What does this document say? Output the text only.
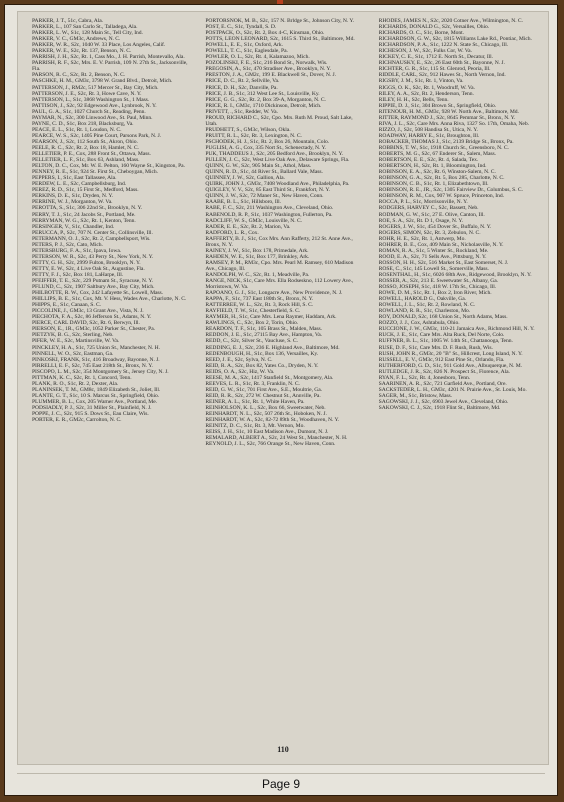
PARKER, J. T., 51c, Cabra, Ala.

PARKER, L., 107 San Carlo St., Talladega, Ala.

PARKER, L. W., S1c, 128 Main St., Tell City, Ind.

PARKER, V. C., GM3c, Andrews, N. C.

PARKER, W. R., S2c, 1040 W. 33 Place, Los Angeles, Calif.

PARKER, W. E., S2c, Rt. 137, Benson, N. C.

PARRISH, J. H., S2c, Rt. 1, Cass Mo., J. H. Parrish, Montevallo, Ala.

PARRISH, R. F., S2c, Mrs. E. V. Parrish, 109 N. 27th St., Jacksonville, Fla.

PARSON, R. C., S2c, Rt. 2, Benson, N. C.

PASCHKE, H. M., GM3c, 3798 W. Grand Blvd., Detroit, Mich.

PATTERSON, J., RM2c, 517 Mercer St., Bay City, Mich.

PATTERSON, J. E., S2c, Rt. 3, Howe Cave, N. Y.

PATTERSON, L., S1c, 3868 Washington St., 1 Mass.

PATTISON, J., S2c, 92 Edgewood Ave., Lynbrook, N. Y.

PAUL, G. A., S1c, 1027 Church St., Reading, Penn.

PAYMAR, N., S2c, 300 Linwood Ave., St. Paul, Minn.

PAYNE, C. D., S1c, Box 218, Blacksburg, Va.

PEACE, E. L., S1c, Rt. 1, Loudon, N. C.

PEARCE, W. S., S2c, 1405 Pine Court, Parsons Park, N. J.

PEARSON, J., S2c, 112 South St., Akron, Ohio.

PEELE, R. C., S2c, Rt. 2, Box 18, Hamlet, N. C.

PELLETIER, P. E., Cox, 288 Front St., Ottawa, Mass.

PELLETIER, L. F., S1c, Box 63, Ashland, Mass.

PELTON, D. C., Cox, Mr. W. E. Pelton, 160 Wayne St., Kingston, Pa.

PENNEY, R. E., S1c, 924 St. First St., Cheboygan, Mich.

PEPPERS, I., S1c, East Tallassee, Ala.

PERDEW, L. E., S2c, Campbellsburg, Ind.

PEREZ, R. D., S1c, 15 First St., Medford, Mass.

PERKINS, D. E., S1c, Dryden, N. Y.

PERRINE, W. J., Morganton, W. Va.

PEROTTA, S., S1c, 306 22nd St., Brooklyn, N. Y.

PERRY, T. J., S1c, 24 Jacobs St., Portland, Me.

PERRYMAN, W. G., S2c, Rt. 1, Kenton, Tenn.

PERSINGER, V., S1c, Chandler, Ind.

PERUCCA, P., S2c, 707 N. Center St., Collinsville, Ill.

PETERMANN, O. J., S2c, Rt. 2, Campbellsport, Wis.

PETERS, P. J., S2c, Cato, Mich.

PETERSBURG, F. A., S1c, Ipava, Iowa.

PETERSON, W. R., S2c, 43 Perry St., New York, N. Y.

PETTY, G. H., S2c, 2999 Fulton, Brooklyn, N. Y.

PETTY, E. W., S2c, 4 Live Oak St., Augustine, Fla.

PETTY, F. J., S2c, Box 181, LaHarpe, Ill.

PFEIFFER, T. E., S2c, 229 Putnam St., Syracuse, N. Y.

PFLUND, C., S2c, 1907 Saltbury Ave., Bay City, Mich.

PHILBOTTE, R. W., Cox, 242 Lafayette St., Lowell, Mass.

PHILLIPS, B. E., S1c, Cox, Mt. V. Hess, Wades Ave., Charlotte, N. C.

PHIPPS, E., S1c, Canaan, S. C.

PICCOLINE, J., GM3c, 13 Grant Ave., Vista, N. J.

PIECHOTA, F. A., S2c, 86 Jefferson St., Adams, N. Y.

PIERCE, CARL DAVID, S2c, Rt. 6, Berwyn, Ill.

PIERSON, E., 1R., GM3c, 1052 Parker St., Chester, Pa.

PIETZYK, B. G., S2c, Sterling, Neb.

PIFER, W. E., S2c, Martinsville, W. Va.

PINCKLEY, H. A., S1c, 725 Union St., Manchester, N. H.

PINNELL, W. O., S2c, Eastman, Ga.

PINKOSKI, FRANK, S1c, 416 Broadway, Bayonne, N. J.

PIRRELLI, E. F., S2c, 745 East 218th St., Bronx, N. Y.

PISCOPO, L. M., S2c, 354 Montgomery St., Jersey City, N. J.

PITTMAN, K. C., S2c, Rt. 1, Concord, Tenn.

PLANK, R. O., S1c, Rt. 2, Dexter, Ala.

PLANINSEK, T. M., GM8c, 1849 Elizabeth St., Joliet, Ill.

PLANTE, G. T., S1c, 10 S. Marcus St., Springfield, Ohio.

PLUMMER, B. L., Cox, 205 Warner Ave., Portland, Me.

PODSIADLY, P. J., S2c, 31 Miller St., Plainfield, N. J.

POPPE, J. C., S2c, 915 S. Dows St., Eau Claire, Wis.

PORTER, E. R., GM2c, Carrolton, N. C.

PORTORSNOK, M. B., S2c, 157 N. Brldge St., Johnson City, N. Y.

POST, E. C., S1c, Tyndall, S. D.

POSTPACK, O., S2c, Rt. 2, Box 4-C, Kinsman, Ohio.

POTTS, LEON LEONARD, S2c, 1615 S. Third St., Baltimore, Md.

POWELL, E. E., S1c, Oxford, Ark.

POWELL, T. C., S1c, Eaglesdale, Pa.

POWLER, O. L., S2c, Rt. 4, Kalamazoo, Mich.

POZOLINSKI, F. E., S1c, 216 Bond St., Norwalk, Wis.

PREGOSIN, A., S1c, 470 Stradiser Ave., Brooklyn, N. Y.

PRESTON, J. A., GM2c, 199 E. Blackwell St., Dover, N. J.

PRICE, D. C., Rt. 2, Sellville, Va.

PRICE, D. H., S2c, Danville, Pa.

PRICE, J. B., S1c, 312 West Lee St., Louisville, Ky.

PRICE, G. G., S2c, Rt. 2, Box 39-A, Morganton, N. C.

PRICE, R. I., GM3c, 1710 Dickinson, Detroit, Mich.

PRIVETT, ., S1c, Redder, W. Va.

PROUD, RICHARD C., S2c, Cpo. Mrs. Ruth M. Proud, Salt Lake, Utah.

PRUDHETT, S., GM3c, Wilson, Okla.

PRUITT, R. L., S2c, Rt. 3, Lexington, N. C.

PSCHODEK, H. J., S1c, Rt. 2, Box 26, Mountain, Colo.

PUGLISI, A. G., Cox, 335 Nort St., Schenectady, N. Y.

PUK, THADDEUS J., S2c, 205 Bedford Ave., Brooklyn, N. Y.

PULLEN, J. C., S2c, West Live Oak Ave., Delaware Springs, Fla.

QUINN, G. W., S2c, 905 Main St., Athol, Mass.

QUINN, R. D., S1c, 44 River St., Ballard Vale, Mass.

QUINNEY, J. W., S2c, Gallion, Ala.

QUIRK, JOHN J., GM3c, 7408 Woodland Ave., Philadelphia, Pa.

QUIGLEY, V. V., S2c, 85 East Third St., Frankfort, N. Y.

QUINN, J. W., S2c, 72 Maner St., New Haven, Conn.

RAABE, B. L., S1c, Hillsboro, Ill.

RABE, F. C., S2c, 211 Washington Ave., Cleveland, Ohio.

RABENOLD, R. P., S1c, 1037 Washington, Fullerton, Pa.

RADCLIFF, W. S., GM3c, Louisville, N. C.

RADER, E. E., S2c, Rt. 2, Marion, Va.

RADFORD, L. R., Cox.

RAFFERTY, B. J., S1c, Cox Mrs. Ann Rafferty, 212 St. Anne Ave., Bronx, N. Y.

RAINEY, J. W., S1c, Box 178, Primedale, Ark.

RAHDEN, W. E., S1c, Box 177, Brinkley, Ark.

RAMSEY, P. M., RM3c, Cpo. Mrs. Pearl M. Ramsey, 610 Madison Ave., Chicago, Ill.

RANDOLPH, W. C., S2c, Rt. 1, Meadville, Pa.

RANGE, NICK, S1c, Care Mrs. Ella Rodseskno, 112 Lowery Ave., Morristown, W. Va.

RAPOANO, G. J., S1c, Longacre Ave., New Providence, N. J.

RAPPA, F., S1c, 737 East 180th St., Bronx, N. Y.

RATTERREE, W. L., S2c, Rt. 3, Rock Hill, S. C.

RAYFIELD, T. W., S1c, Chesterfield, S. C.

RAYMER, H., S1c, Care Mrs. Lena Raymer, Haddam, Ark.

RAWLINGS, C., S2c, Box 2, Torin, Ohio.

REARDON, T. F., S1c, 105 Brass St., Malden, Mass.

REDDON, J. E., S1c, 27115 Bay Ave., Hampton, Va.

REDD, C., S2c, Silver St., Vaucluse, S. C.

REDDING, E. J., S2c, 236 E. Highland Ave., Baltimore, Md.

REDENBOUGH, H., S1c, Box 136, Versailles, Ky.

REED, J. E., S2c, Sylva, N. C.

REID, R. A., S2c, Box 82, Yates Co., Dryden, N. Y.

REIDS, O. A., S2c, Hiz, W. Va.

REESE, M. A., S2c, 1417 Stanfield St., Montgomery, Ala.

REEVES, L. R., S1c, Rt. 3, Franklin, N. C.

REID, G. W., S1c, 701 First Ave., S.E., Moultrie, Ga.

REID, R. R., S2c, 272 W. Chestnut St., Annville, Pa.

REINER, A. L., S1c, Rt. 1, White Haven, Pa.

REINHOLSON, K. L., S2c, Box 66, Sweetwater, Neb.

REINHARDT, N. L., S2c, 507 26th St., Hoboken, N. J.

REINHARDT, W. A., S2c, 82-72 89th St., Woodhaven, N. Y.

REINITZ, D. C., S1c, Rt. 3, Mt. Vernon, Mo.

REISS, J. H., S1c, 10 East Madison Ave., Dumont, N. J.

REMALARD, ALBERT A., S2c, 24 West St., Manchester, N. H.

REYNOLD, J. L., S2c, 766 Orange St., New Haven, Conn.

RHODES, JAMES N., S2c, 2020 Cotner Ave., Wilmington, N. C.

RICHARDS, DONALD G., S2c, Versailles, Ohio.

RICHARDS, O. C., S1c, Borne, Mont.

RICHARDSON, G. W., S2c, 1815 Williams Lake Rd., Pontiac, Mich.

RICHARDSON, P. A., S1c, 1222 N. State St., Chicago, Ill.

RICHESON, J. W., S2c, Fulks Cor, W. Va.

RICKEY, C. E., S1c, 1712 E. North St., Decatur, Ill.

RICHNAUSKY, E., S2c, 26 East 60th St., Bayonne, N. J.

RICHTER, G. R., S1c, 115 St. Glenrod, Peoria, Ill.

RIDDLE, CARL, S2c, 912 Hawes St., North Vernon, Ind.

RIGSBY, J. M., S1c, Rt. 1, Vinton, Va.

RIGGS, O. K., S2c, Rt. 1, Woodruff, W. Va.

RILEY, A. A., S2c, Rt. 2, Henderson, Tenn.

RILEY, H. H., S2c, Bells, Tenn.

RIPPIE, D. J., S1c, 304 Brown St., Springfield, Ohio.

RITENOUR, H. M., GM3c, 928 W. North Ave., Baltimore, Md.

RITTER, RAYMOND J., S2c, 8645 Pemmar St., Bronx, N. Y.

RIVA, J. L., S2c, Care Mrs. Anna Riva, 1327 So. 17th, Omaha, Neb.

RIZZO, J., S2c, 508 Handisa St., Utica, N. Y.

ROADWAY, HARRY E., S1c, Broughton, Ill.

ROBACKER, THOMAS J., S1c, 2139 Bridge St., Bronx, Pa.

ROBBINS, T. W., S1c, 1918 Church St., Greensboro, N. C.

ROBERTS, M. G., S2c, 67 Enderer St., Salem, Mass.

ROBERTSON, E. E., S2c, Rt. 4, Salada, Tex.

ROBERTSON, H., S2c, Rt. 1, Bloomington, Ind.

ROBINSON, E. A., S2c, Rt. 6, Winston-Salem, N. C.

ROBINSON, G. A., S2c, Rt. 5, Box 285, Charlotte, N. C.

ROBINSON, C. B., S1c, Rt. 1, Elizabethtown, Ill.

ROBINSON, R. E., JR., S2c, 1305 Fairview Dr., Columbus, S. C.

ROBINSON, R. M., Cox, 907 W. Spruce, Princeton, Ind.

ROCCA, P. L., S1c, Morrisonville, N. Y.

RODGERS, HARVEY C., S2c, Bassett, Neb.

RODMAN, G. W., S1c, 27 E. Olive, Canton, Ill.

ROE, S. A., S2c, Rt. D 1, Osage, N. Y.

ROGERS, J. W., S1c, 454 Dover St., Buffalo, N. Y.

ROGERS, SIMON, S2c, Rt. 3, Zebulon, N. C.

ROHR, H. E., S2c, Rt. 1, Antwerp, Mo.

ROHRER, B. E., Cox, 409 Main St., Nicholasville, N. Y.

ROMAN, R. A., S1c, 5 Winter St., Rockland, Me.

ROOD, E. A., S2c, 71 Sells Ave., Pittsburg, N. Y.

ROSSON, H. H., S2c, 516 Market St., East Somerset, N. J.

ROSE, C., S1c, 145 Lowell St., Somerville, Mass.

ROSENTHAL, H., S1c, 6026 68th Ave., Ridgewood, Brooklyn, N. Y.

ROSSER, A., S2c, 213 E. Sweetwater St., Albany, Ga.

ROSSO, JOSEPH, S1c, 418 W. 17th St., Chicago, Ill.

ROWE, D. M., S1c, Rt. 1, Box 2, Iron River, Mich.

ROWELL, HAROLD G., Oakville, Ga.

ROWELL, J. L., S1c, Rt. 2, Rowland, N. C.

ROWLAND, R. R., S1c, Charleston, Mo.

ROY, DONALD, S2c, 168 Union St., North Adams, Mass.

ROZZO, J. J., Cox, Ashtabula, Ohio.

RUCCIONE, J. W., GM3c, 110-21 Jamaica Ave., Richmond Hill, N. Y.

RUCK, J. E., S1c, Care Mrs. Alta Ruck, Del Norte, Colo.

RUFFNER, B. L., S1c, 1005 W. 14th St., Chattanooga, Tenn.

RUSE, D. F., S1c, Care Mrs. D. F. Rush, Rush, Wis.

RUSH, JOHN R., GM3c, 20 "B" St., Hillcrest, Long Island, N. Y.

RUSSELL, E. V., GM3c, 912 East Pine St., Orlando, Fla.

RUTHERFORD, G. D., S1c, 911 Gold Ave., Albuquerque, N. M.

RUTLEDGE, J. R., S2c, 826 N. Prospect St., Florence, Ala.

RYAN, F. L., S2c, Rt. 4, Jonesboro, Tenn.

SAARINEN, A. R., S2c, 721 Garfield Ave., Portland, Ore.

SACKSTEDER, L. H., GM3c, 4201 N. Prairie Ave., St. Louis, Mo.

SAGER, M., S1c, Bristow, Mass.

SAGOWSKI, J. J., S2c, 6903 Jewel Ave., Cleveland, Ohio.

SAKOWSKI, C. J., S2c, 1918 Flint St., Baltimore, Md.

110
Page 9
